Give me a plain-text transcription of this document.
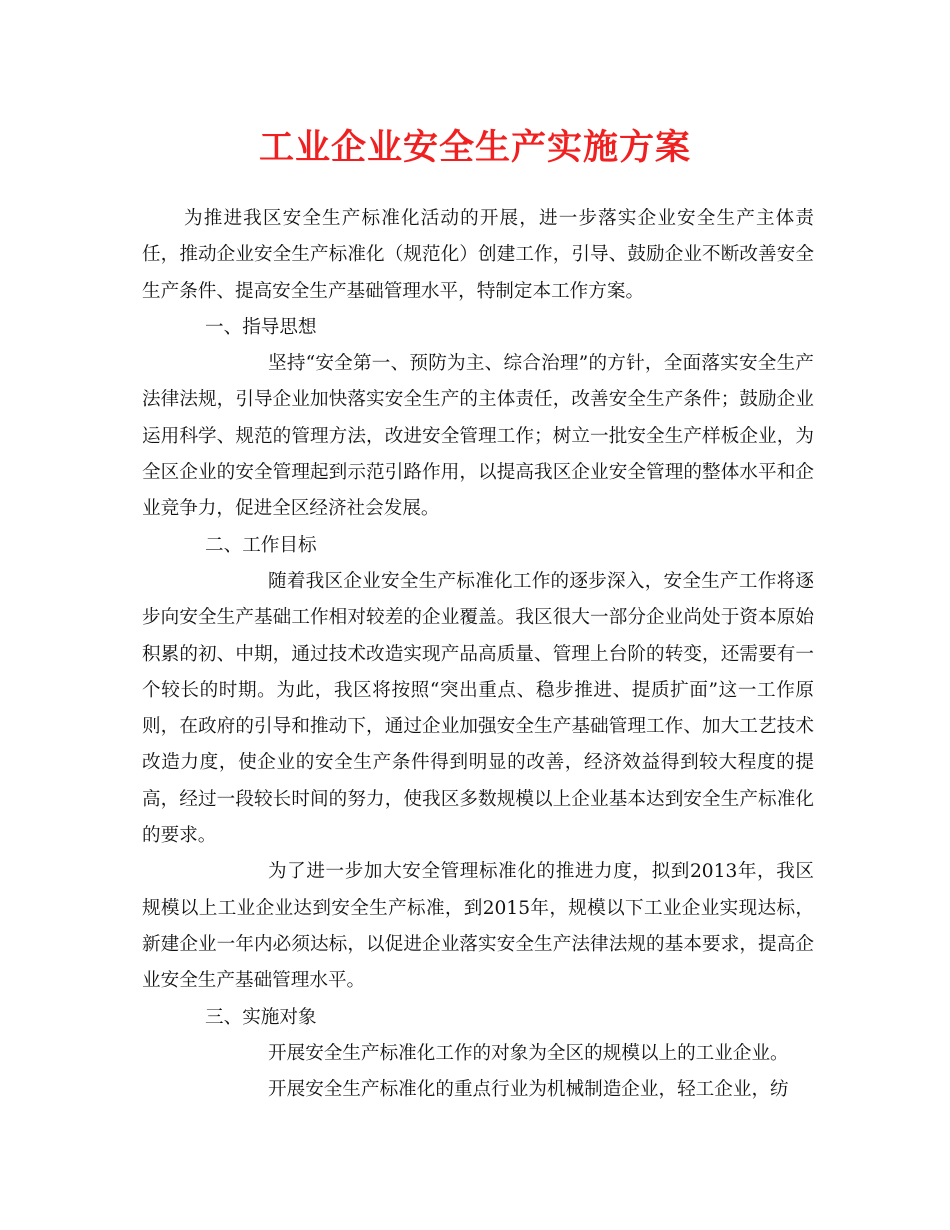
工业企业安全生产实施方案

为推进我区安全生产标准化活动的开展，进一步落实企业安全生产主体责任，推动企业安全生产标准化（规范化）创建工作，引导、鼓励企业不断改善安全生产条件、提高安全生产基础管理水平，特制定本工作方案。

一、指导思想

坚持“安全第一、预防为主、综合治理”的方针，全面落实安全生产法律法规，引导企业加快落实安全生产的主体责任，改善安全生产条件；鼓励企业运用科学、规范的管理方法，改进安全管理工作；树立一批安全生产样板企业，为全区企业的安全管理起到示范引路作用，以提高我区企业安全管理的整体水平和企业竞争力，促进全区经济社会发展。

二、工作目标

随着我区企业安全生产标准化工作的逐步深入，安全生产工作将逐步向安全生产基础工作相对较差的企业覆盖。我区很大一部分企业尚处于资本原始积累的初、中期，通过技术改造实现产品高质量、管理上台阶的转变，还需要有一个较长的时期。为此，我区将按照“突出重点、稳步推进、提质扩面”这一工作原则，在政府的引导和推动下，通过企业加强安全生产基础管理工作、加大工艺技术改造力度，使企业的安全生产条件得到明显的改善，经济效益得到较大程度的提高，经过一段较长时间的努力，使我区多数规模以上企业基本达到安全生产标准化的要求。

为了进一步加大安全管理标准化的推进力度，拟到2013年，我区规模以上工业企业达到安全生产标准，到2015年，规模以下工业企业实现达标，新建企业一年内必须达标，以促进企业落实安全生产法律法规的基本要求，提高企业安全生产基础管理水平。

三、实施对象

开展安全生产标准化工作的对象为全区的规模以上的工业企业。

开展安全生产标准化的重点行业为机械制造企业，轻工企业，纺
